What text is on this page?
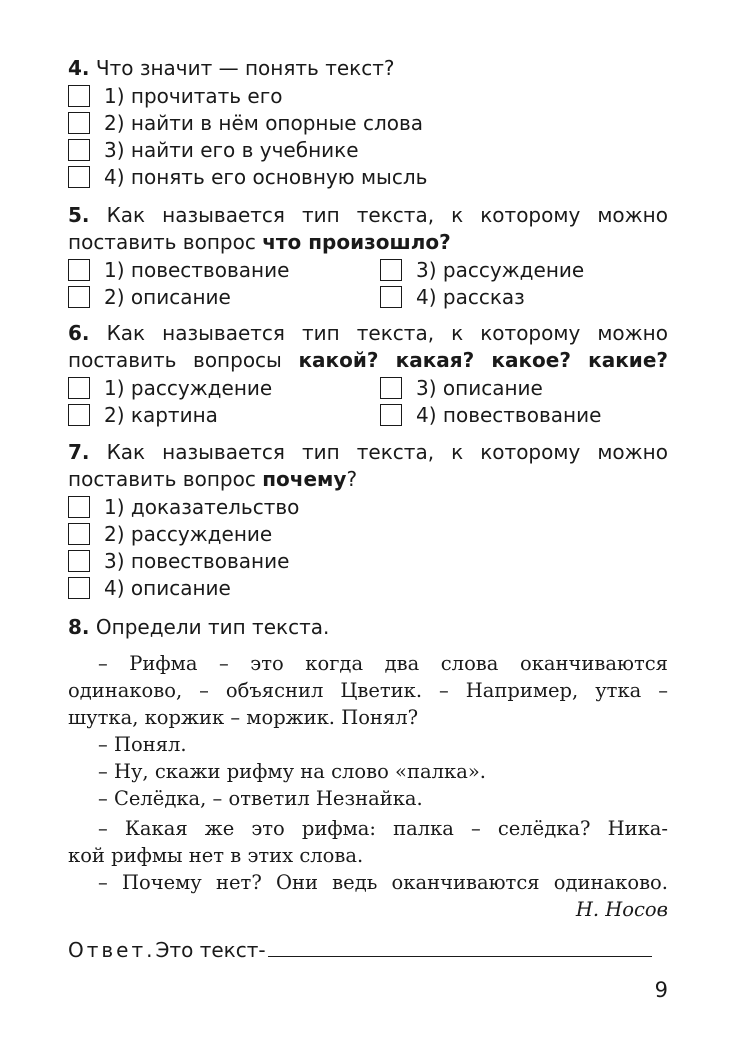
4. Что значит — понять текст?
1) прочитать его
2) найти в нём опорные слова
3) найти его в учебнике
4) понять его основную мысль
5. Как называется тип текста, к которому можно
поставить вопрос что произошло?
1) повествование	3) рассуждение
2) описание	4) рассказ
6. Как называется тип текста, к которому можно
поставить вопросы какой? какая? какое? какие?
1) рассуждение	3) описание
2) картина	4) повествование
7. Как называется тип текста, к которому можно
поставить вопрос почему?
1) доказательство
2) рассуждение
3) повествование
4) описание
8. Определи тип текста.
– Рифма – это когда два слова оканчиваются
одинаково, – объяснил Цветик. – Например, утка –
шутка, коржик – моржик. Понял?
– Понял.
– Ну, скажи рифму на слово «палка».
– Селёдка, – ответил Незнайка.
– Какая же это рифма: палка – селёдка? Ника-
кой рифмы нет в этих слова.
– Почему нет? Они ведь оканчиваются одинаково.
Н. Носов
Ответ. Это текст-
9
